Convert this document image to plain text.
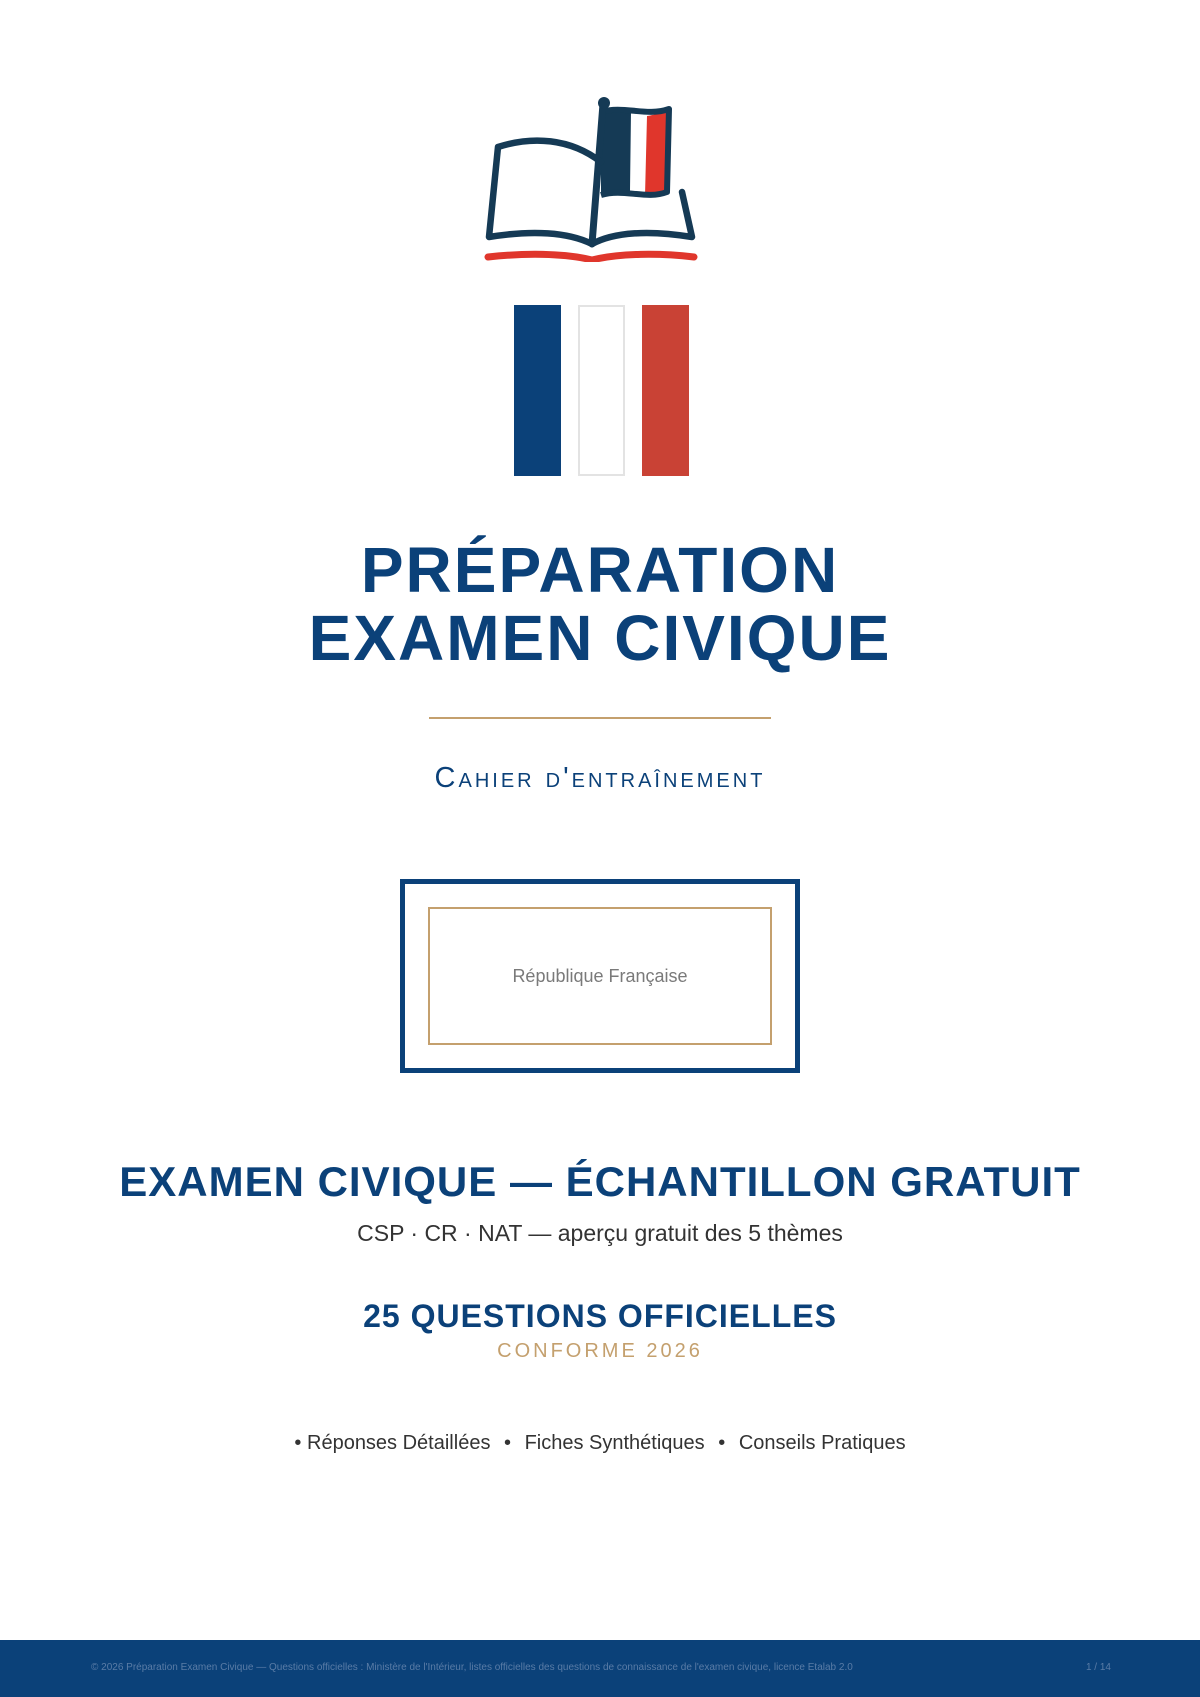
PRÉPARATION
EXAMEN CIVIQUE
Cahier d'entraînement
République Française
EXAMEN CIVIQUE — ÉCHANTILLON GRATUIT
CSP · CR · NAT — aperçu gratuit des 5 thèmes
25 QUESTIONS OFFICIELLES
CONFORME 2026
• Réponses Détaillées • Fiches Synthétiques • Conseils Pratiques
© 2026 Préparation Examen Civique — Questions officielles : Ministère de l'Intérieur, listes officielles des questions de connaissance de l'examen civique, licence Etalab 2.0	1 / 14
